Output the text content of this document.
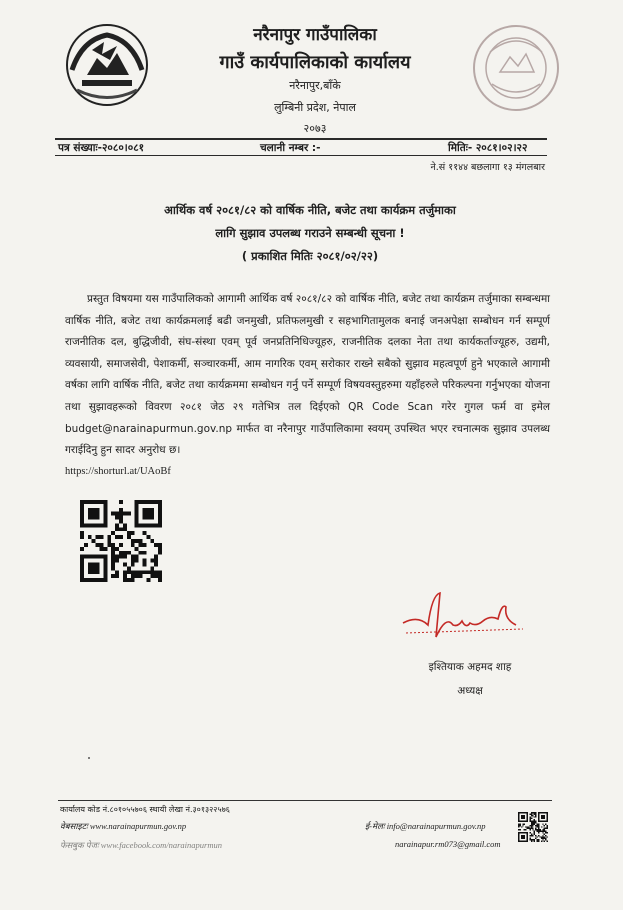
नरैनापुर गाउँपालिका
गाउँ कार्यपालिकाको कार्यालय
नरैनापुर,बाँके
लुम्बिनी प्रदेश, नेपाल
२०७३
पत्र संख्याः-२०८०।०८१	चलानी नम्बर :-	मितिः- २०८१।०२।२२
ने.सं ११४४ बछलागा १३ मंगलबार
आर्थिक वर्ष २०८१/८२ को वार्षिक नीति, बजेट तथा कार्यक्रम तर्जुमाका
लागि सुझाव उपलब्ध गराउने सम्बन्धी सूचना !
( प्रकाशित मितिः २०८१/०२/२२)
प्रस्तुत विषयमा यस गाउँपालिकको आगामी आर्थिक वर्ष २०८१/८२ को वार्षिक नीति, बजेट तथा कार्यक्रम तर्जुमाका सम्बन्धमा वार्षिक नीति, बजेट तथा कार्यक्रमलाई बढी जनमुखी, प्रतिफलमुखी र सहभागितामुलक बनाई जनअपेक्षा सम्बोधन गर्न सम्पूर्ण राजनीतिक दल, बुद्धिजीवी, संघ-संस्था एवम् पूर्व जनप्रतिनिधिज्यूहरु, राजनीतिक दलका नेता तथा कार्यकर्ताज्यूहरु, उद्यमी, व्यवसायी, समाजसेवी, पेशाकर्मी, सञ्चारकर्मी, आम नागरिक एवम् सरोकार राख्ने सबैको सुझाव महत्वपूर्ण हुने भएकाले आगामी वर्षका लागि वार्षिक नीति, बजेट तथा कार्यक्रममा सम्बोधन गर्नु पर्ने सम्पूर्ण विषयवस्तुहरुमा यहाँहरुले परिकल्पना गर्नुभएका योजना तथा सुझावहरूको विवरण २०८१ जेठ २९ गतेभित्र तल दिईएको QR Code Scan गरेर गुगल फर्म वा इमेल budget@narainapurmun.gov.np मार्फत वा नरैनापुर गाउँपालिकामा स्वयम् उपस्थित भएर रचनात्मक सुझाव उपलब्ध गराईदिनु हुन सादर अनुरोध छ।
https://shorturl.at/UAoBf
इश्तियाक अहमद शाह
अध्यक्ष
कार्यालय कोड नं.८०१०५५७०६ स्थायी लेखा नं.३०१३२२५७६
वेबसाइटः www.narainapurmun.gov.np
फेसबुक पेजः www.facebook.com/narainapurmun
ई-मेलः info@narainapurmun.gov.np
narainapur.rm073@gmail.com
